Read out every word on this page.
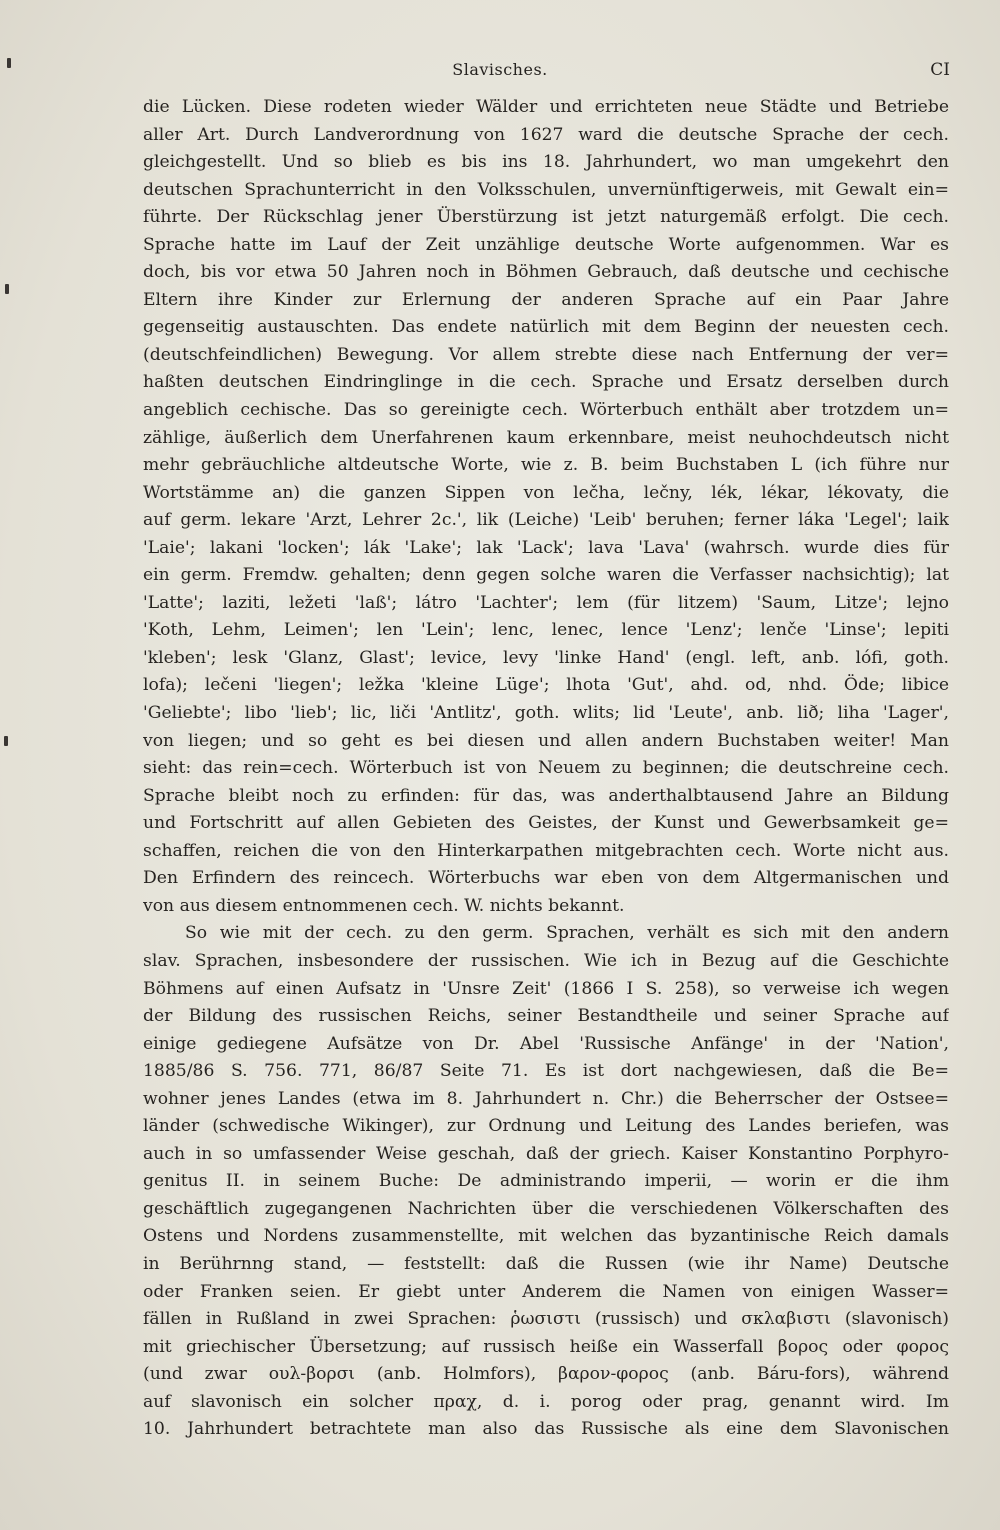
Slavisches.	CI
die Lücken. Diese rodeten wieder Wälder und errichteten neue Städte und Betriebe
aller Art. Durch Landverordnung von 1627 ward die deutsche Sprache der cech.
gleichgestellt. Und so blieb es bis ins 18. Jahrhundert, wo man umgekehrt den
deutschen Sprachunterricht in den Volksschulen, unvernünftigerweis, mit Gewalt ein=
führte. Der Rückschlag jener Überstürzung ist jetzt naturgemäß erfolgt. Die cech.
Sprache hatte im Lauf der Zeit unzählige deutsche Worte aufgenommen. War es
doch, bis vor etwa 50 Jahren noch in Böhmen Gebrauch, daß deutsche und cechische
Eltern ihre Kinder zur Erlernung der anderen Sprache auf ein Paar Jahre
gegenseitig austauschten. Das endete natürlich mit dem Beginn der neuesten cech.
(deutschfeindlichen) Bewegung. Vor allem strebte diese nach Entfernung der ver=
haßten deutschen Eindringlinge in die cech. Sprache und Ersatz derselben durch
angeblich cechische. Das so gereinigte cech. Wörterbuch enthält aber trotzdem un=
zählige, äußerlich dem Unerfahrenen kaum erkennbare, meist neuhochdeutsch nicht
mehr gebräuchliche altdeutsche Worte, wie z. B. beim Buchstaben L (ich führe nur
Wortstämme an) die ganzen Sippen von lečha, lečny, lék, lékar, lékovaty, die
auf germ. lekare 'Arzt, Lehrer 2c.', lik (Leiche) 'Leib' beruhen; ferner láka 'Legel'; laik
'Laie'; lakani 'locken'; lák 'Lake'; lak 'Lack'; lava 'Lava' (wahrsch. wurde dies für
ein germ. Fremdw. gehalten; denn gegen solche waren die Verfasser nachsichtig); lat
'Latte'; laziti, ležeti 'laß'; látro 'Lachter'; lem (für litzem) 'Saum, Litze'; lejno
'Koth, Lehm, Leimen'; len 'Lein'; lenc, lenec, lence 'Lenz'; lenče 'Linse'; lepiti
'kleben'; lesk 'Glanz, Glast'; levice, levy 'linke Hand' (engl. left, anb. lófi, goth.
lofa); lečeni 'liegen'; ležka 'kleine Lüge'; lhota 'Gut', ahd. od, nhd. Öde; libice
'Geliebte'; libo 'lieb'; lic, liči 'Antlitz', goth. wlits; lid 'Leute', anb. lið; liha 'Lager',
von liegen; und so geht es bei diesen und allen andern Buchstaben weiter! Man
sieht: das rein=cech. Wörterbuch ist von Neuem zu beginnen; die deutschreine cech.
Sprache bleibt noch zu erfinden: für das, was anderthalbtausend Jahre an Bildung
und Fortschritt auf allen Gebieten des Geistes, der Kunst und Gewerbsamkeit ge=
schaffen, reichen die von den Hinterkarpathen mitgebrachten cech. Worte nicht aus.
Den Erfindern des reincech. Wörterbuchs war eben von dem Altgermanischen und
von aus diesem entnommenen cech. W. nichts bekannt.
So wie mit der cech. zu den germ. Sprachen, verhält es sich mit den andern
slav. Sprachen, insbesondere der russischen. Wie ich in Bezug auf die Geschichte
Böhmens auf einen Aufsatz in 'Unsre Zeit' (1866 I S. 258), so verweise ich wegen
der Bildung des russischen Reichs, seiner Bestandtheile und seiner Sprache auf
einige gediegene Aufsätze von Dr. Abel 'Russische Anfänge' in der 'Nation',
1885/86 S. 756. 771, 86/87 Seite 71. Es ist dort nachgewiesen, daß die Be=
wohner jenes Landes (etwa im 8. Jahrhundert n. Chr.) die Beherrscher der Ostsee=
länder (schwedische Wikinger), zur Ordnung und Leitung des Landes beriefen, was
auch in so umfassender Weise geschah, daß der griech. Kaiser Konstantino Porphyro-
genitus II. in seinem Buche: De administrando imperii, — worin er die ihm
geschäftlich zugegangenen Nachrichten über die verschiedenen Völkerschaften des
Ostens und Nordens zusammenstellte, mit welchen das byzantinische Reich damals
in Berührnng stand, — feststellt: daß die Russen (wie ihr Name) Deutsche
oder Franken seien. Er giebt unter Anderem die Namen von einigen Wasser=
fällen in Rußland in zwei Sprachen: ῥωσιστι (russisch) und σκλαβιστι (slavonisch)
mit griechischer Übersetzung; auf russisch heiße ein Wasserfall βορος oder φορος
(und zwar ουλ-βορσι (anb. Holmfors), βαρον-φορος (anb. Báru-fors), während
auf slavonisch ein solcher πραχ, d. i. porog oder prag, genannt wird. Im
10. Jahrhundert betrachtete man also das Russische als eine dem Slavonischen
